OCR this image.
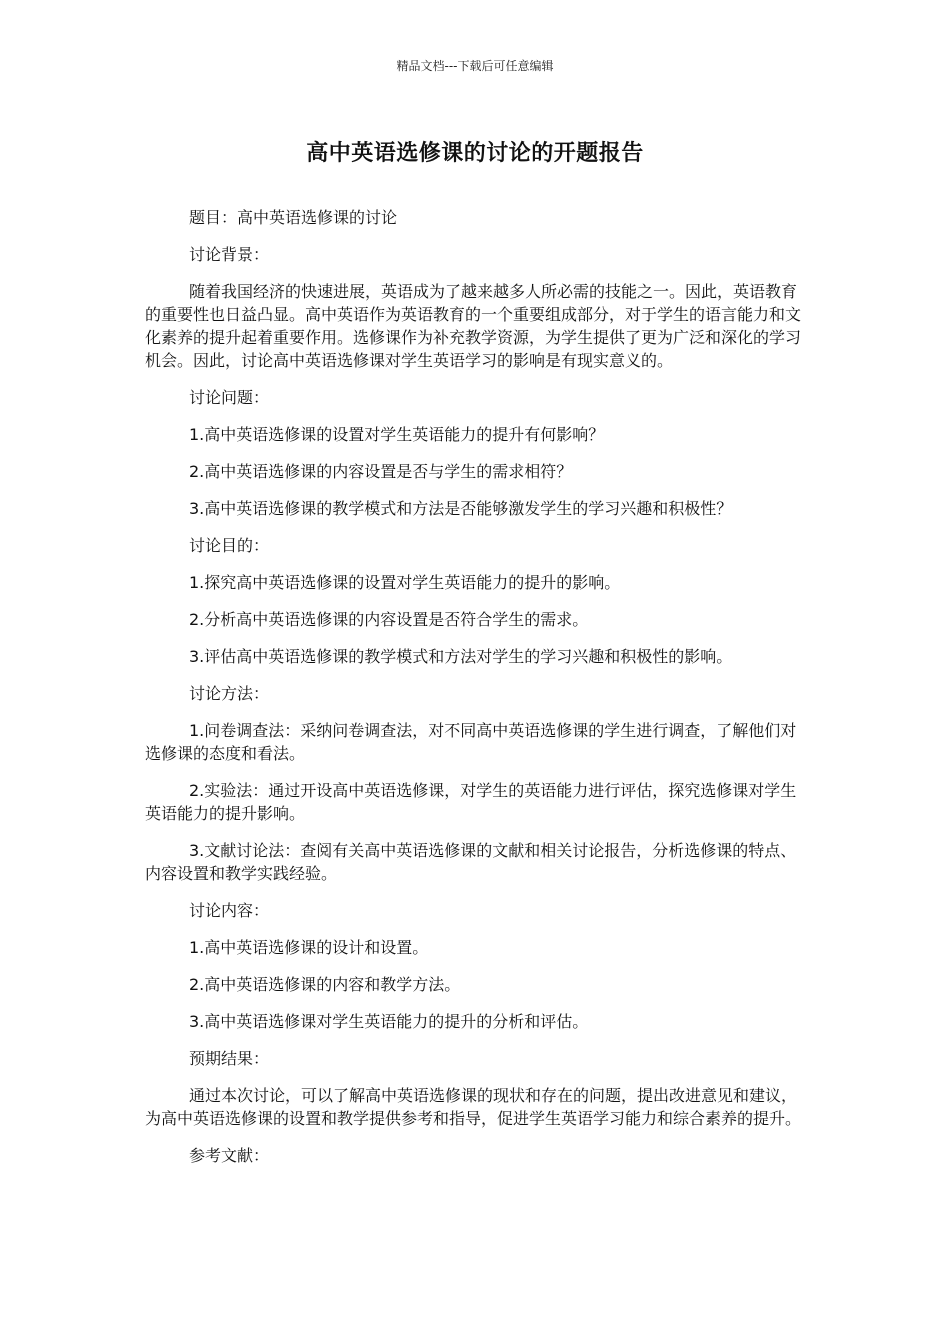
精品文档---下载后可任意编辑
高中英语选修课的讨论的开题报告

题目：高中英语选修课的讨论

讨论背景：

随着我国经济的快速进展，英语成为了越来越多人所必需的技能之一。因此，英语教育的重要性也日益凸显。高中英语作为英语教育的一个重要组成部分，对于学生的语言能力和文化素养的提升起着重要作用。选修课作为补充教学资源，为学生提供了更为广泛和深化的学习机会。因此，讨论高中英语选修课对学生英语学习的影响是有现实意义的。

讨论问题：

1.高中英语选修课的设置对学生英语能力的提升有何影响？

2.高中英语选修课的内容设置是否与学生的需求相符？

3.高中英语选修课的教学模式和方法是否能够激发学生的学习兴趣和积极性？

讨论目的：

1.探究高中英语选修课的设置对学生英语能力的提升的影响。

2.分析高中英语选修课的内容设置是否符合学生的需求。

3.评估高中英语选修课的教学模式和方法对学生的学习兴趣和积极性的影响。

讨论方法：

1.问卷调查法：采纳问卷调查法，对不同高中英语选修课的学生进行调查，了解他们对选修课的态度和看法。

2.实验法：通过开设高中英语选修课，对学生的英语能力进行评估，探究选修课对学生英语能力的提升影响。

3.文献讨论法：查阅有关高中英语选修课的文献和相关讨论报告，分析选修课的特点、内容设置和教学实践经验。

讨论内容：

1.高中英语选修课的设计和设置。

2.高中英语选修课的内容和教学方法。

3.高中英语选修课对学生英语能力的提升的分析和评估。

预期结果：

通过本次讨论，可以了解高中英语选修课的现状和存在的问题，提出改进意见和建议，为高中英语选修课的设置和教学提供参考和指导，促进学生英语学习能力和综合素养的提升。

参考文献：
